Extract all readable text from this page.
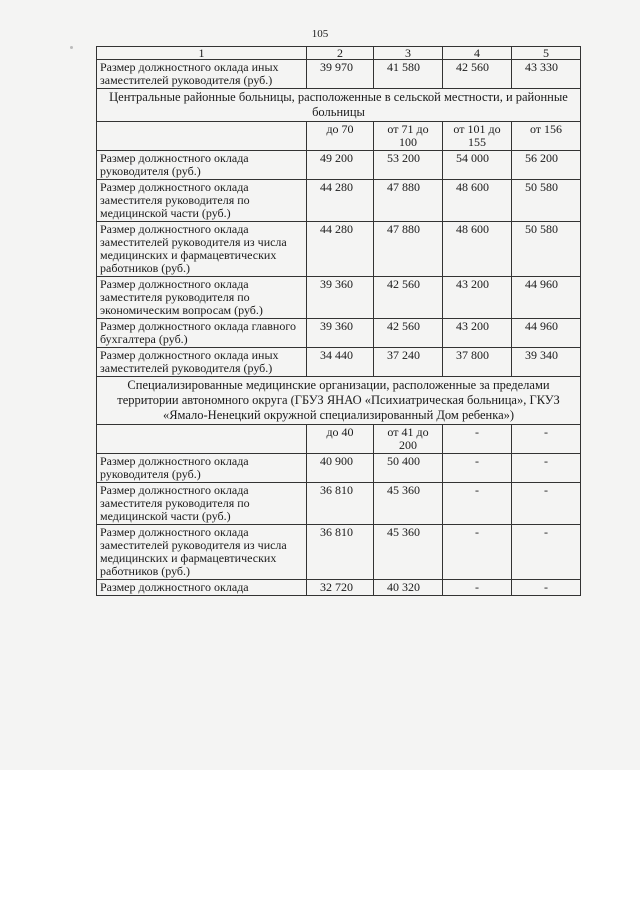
105
1	2	3	4	5
Размер должностного оклада иных заместителей руководителя (руб.)	39 970	41 580	42 560	43 330
Центральные районные больницы, расположенные в сельской местности, и районные больницы				
	до 70	от 71 до 100	от 101 до 155	от 156
Размер должностного оклада руководителя (руб.)	49 200	53 200	54 000	56 200
Размер должностного оклада заместителя руководителя по медицинской части (руб.)	44 280	47 880	48 600	50 580
Размер должностного оклада заместителей руководителя из числа медицинских и фармацевтических работников (руб.)	44 280	47 880	48 600	50 580
Размер должностного оклада заместителя руководителя по экономическим вопросам (руб.)	39 360	42 560	43 200	44 960
Размер должностного оклада главного бухгалтера (руб.)	39 360	42 560	43 200	44 960
Размер должностного оклада иных заместителей руководителя (руб.)	34 440	37 240	37 800	39 340
Специализированные медицинские организации, расположенные за пределами территории автономного округа (ГБУЗ ЯНАО «Психиатрическая больница», ГКУЗ «Ямало-Ненецкий окружной специализированный Дом ребенка»)				
	до 40	от 41 до 200	-	-
Размер должностного оклада руководителя (руб.)	40 900	50 400	-	-
Размер должностного оклада заместителя руководителя по медицинской части (руб.)	36 810	45 360	-	-
Размер должностного оклада заместителей руководителя из числа медицинских и фармацевтических работников (руб.)	36 810	45 360	-	-
Размер должностного оклада	32 720	40 320	-	-
